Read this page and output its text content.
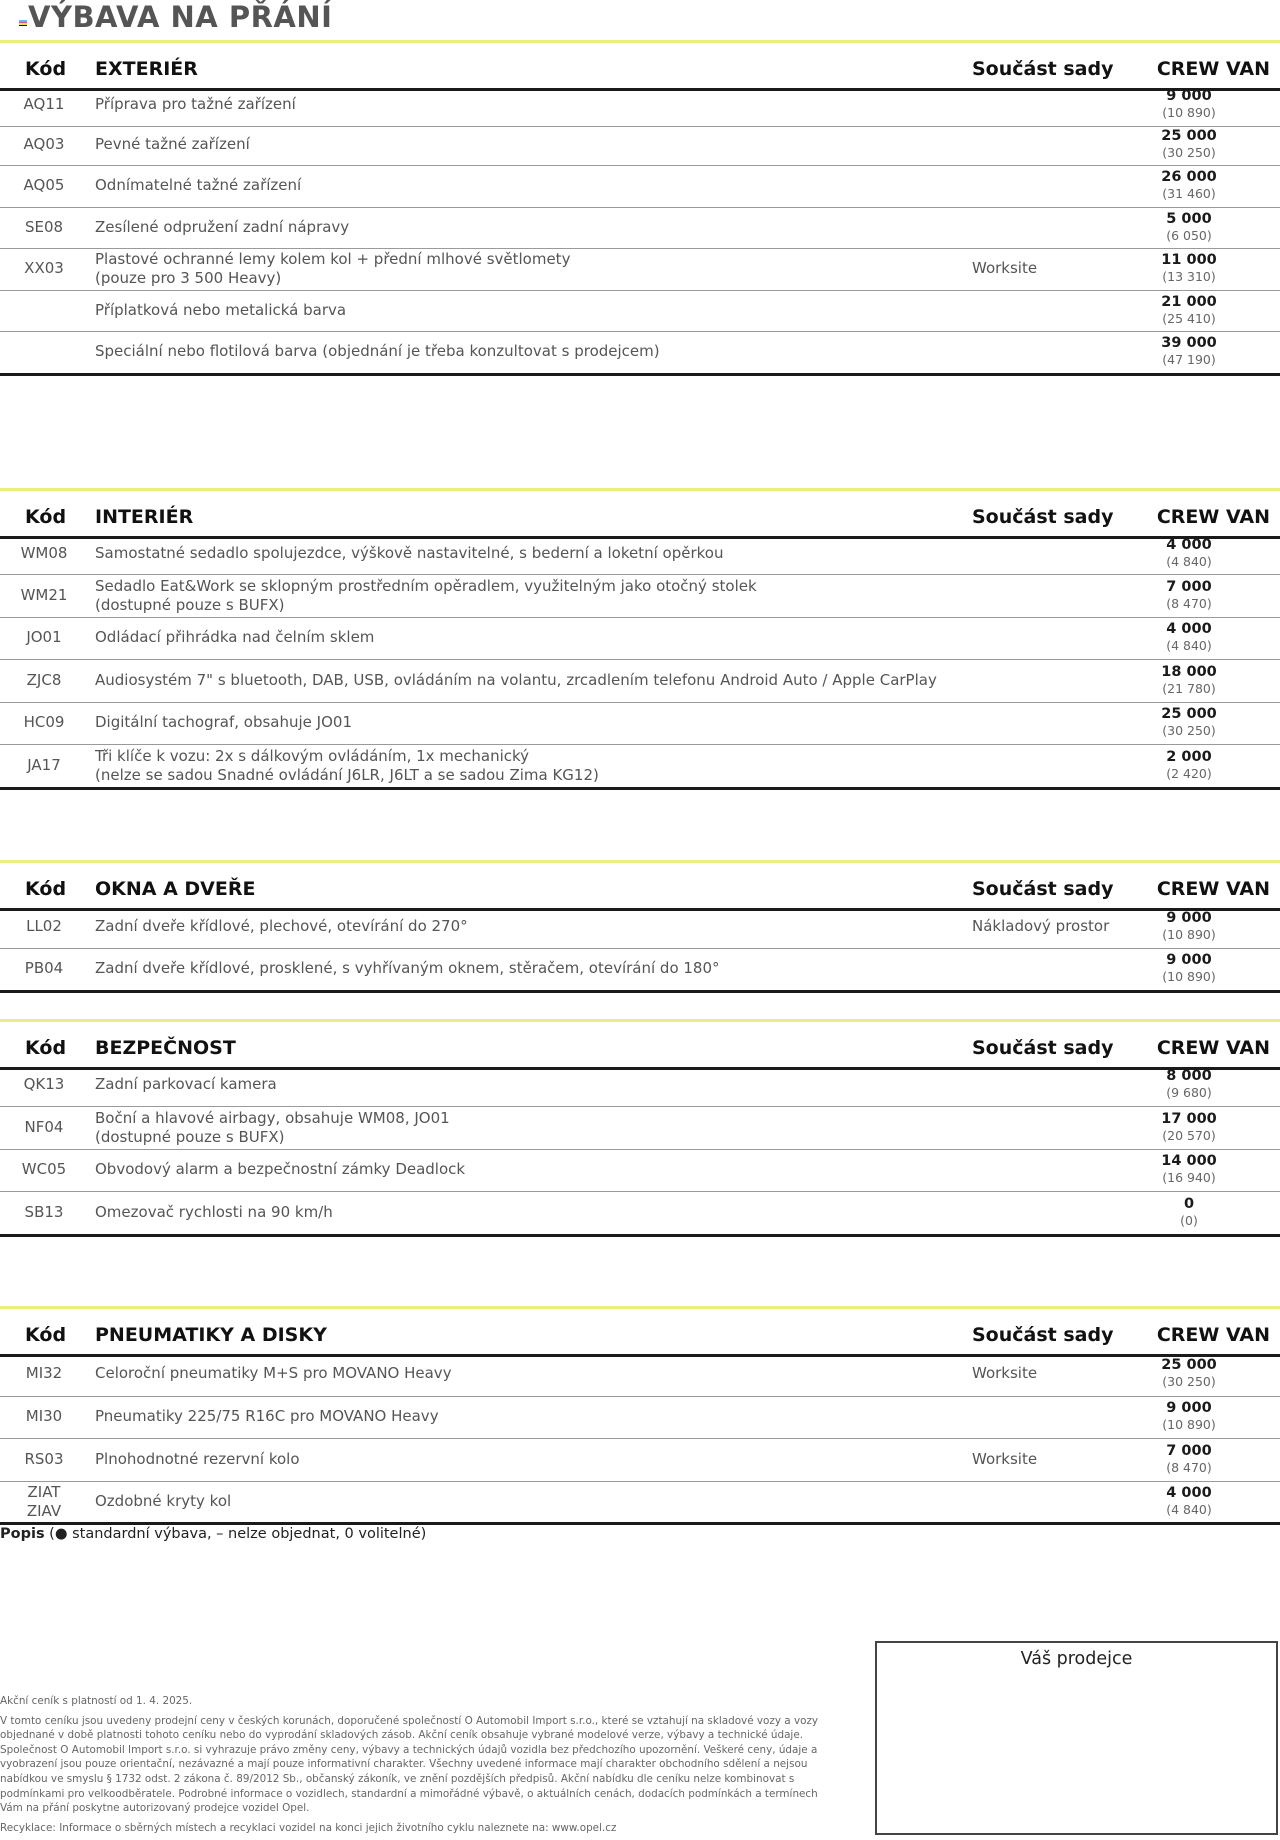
VÝBAVA NA PŘÁNÍ
Kód EXTERIÉR	Součást sady CREW VAN
AQ11	Příprava pro tažné zařízení	9 000
(10 890)
AQ03	Pevné tažné zařízení	25 000
(30 250)
AQ05	Odnímatelné tažné zařízení	26 000
(31 460)
SE08	Zesílené odpružení zadní nápravy	5 000
(6 050)
XX03	Plastové ochranné lemy kolem kol + přední mlhové světlomety
(pouze pro 3 500 Heavy)
Worksite	11 000
(13 310)
Příplatková nebo metalická barva	21 000
(25 410)
Speciální nebo flotilová barva (objednání je třeba konzultovat s prodejcem)	39 000
(47 190)
Kód INTERIÉR	Součást sady CREW VAN
WM08	Samostatné sedadlo spolujezdce, výškově nastavitelné, s bederní a loketní opěrkou	4 000
(4 840)
WM21	Sedadlo Eat&Work se sklopným prostředním opěradlem, využitelným jako otočný stolek
(dostupné pouze s BUFX)
7 000
(8 470)
JO01	Odládací přihrádka nad čelním sklem	4 000
(4 840)
ZJC8	Audiosystém 7" s bluetooth, DAB, USB, ovládáním na volantu, zrcadlením telefonu Android Auto / Apple CarPlay	18 000
(21 780)
HC09	Digitální tachograf, obsahuje JO01	25 000
(30 250)
JA17	Tři klíče k vozu: 2x s dálkovým ovládáním, 1x mechanický
(nelze se sadou Snadné ovládání J6LR, J6LT a se sadou Zima KG12)
2 000
(2 420)
Kód OKNA A DVEŘE	Součást sady CREW VAN
LL02	Zadní dveře křídlové, plechové, otevírání do 270°	Nákladový prostor	9 000
(10 890)
PB04	Zadní dveře křídlové, prosklené, s vyhřívaným oknem, stěračem, otevírání do 180°	9 000
(10 890)
Kód BEZPEČNOST	Součást sady CREW VAN
QK13	Zadní parkovací kamera	8 000
(9 680)
NF04	Boční a hlavové airbagy, obsahuje WM08, JO01
(dostupné pouze s BUFX)
17 000
(20 570)
WC05	Obvodový alarm a bezpečnostní zámky Deadlock	14 000
(16 940)
SB13	Omezovač rychlosti na 90 km/h	0
(0)
Kód PNEUMATIKY A DISKY	Součást sady CREW VAN
MI32	Celoroční pneumatiky M+S pro MOVANO Heavy	Worksite	25 000
(30 250)
MI30	Pneumatiky 225/75 R16C pro MOVANO Heavy	9 000
(10 890)
RS03	Plnohodnotné rezervní kolo	Worksite	7 000
(8 470)
ZIAT
ZIAV
Ozdobné kryty kol	4 000
(4 840)
Popis (● standardní výbava, – nelze objednat, 0 volitelné)

Akční ceník s platností od 1. 4. 2025.

V tomto ceníku jsou uvedeny prodejní ceny v českých korunách, doporučené společností O Automobil Import s.r.o., které se vztahují na skladové vozy a vozy objednané v době platnosti tohoto ceníku nebo do vyprodání skladových zásob. Akční ceník obsahuje vybrané modelové verze, výbavy a technické údaje. Společnost O Automobil Import s.r.o. si vyhrazuje právo změny ceny, výbavy a technických údajů vozidla bez předchozího upozornění. Veškeré ceny, údaje a vyobrazení jsou pouze orientační, nezávazné a mají pouze informativní charakter. Všechny uvedené informace mají charakter obchodního sdělení a nejsou nabídkou ve smyslu § 1732 odst. 2 zákona č. 89/2012 Sb., občanský zákoník, ve znění pozdějších předpisů. Akční nabídku dle ceníku nelze kombinovat s podmínkami pro velkoodběratele. Podrobné informace o vozidlech, standardní a mimořádné výbavě, o aktuálních cenách, dodacích podmínkách a termínech Vám na přání poskytne autorizovaný prodejce vozidel Opel.

Recyklace: Informace o sběrných místech a recyklaci vozidel na konci jejich životního cyklu naleznete na: www.opel.cz

Váš prodejce
